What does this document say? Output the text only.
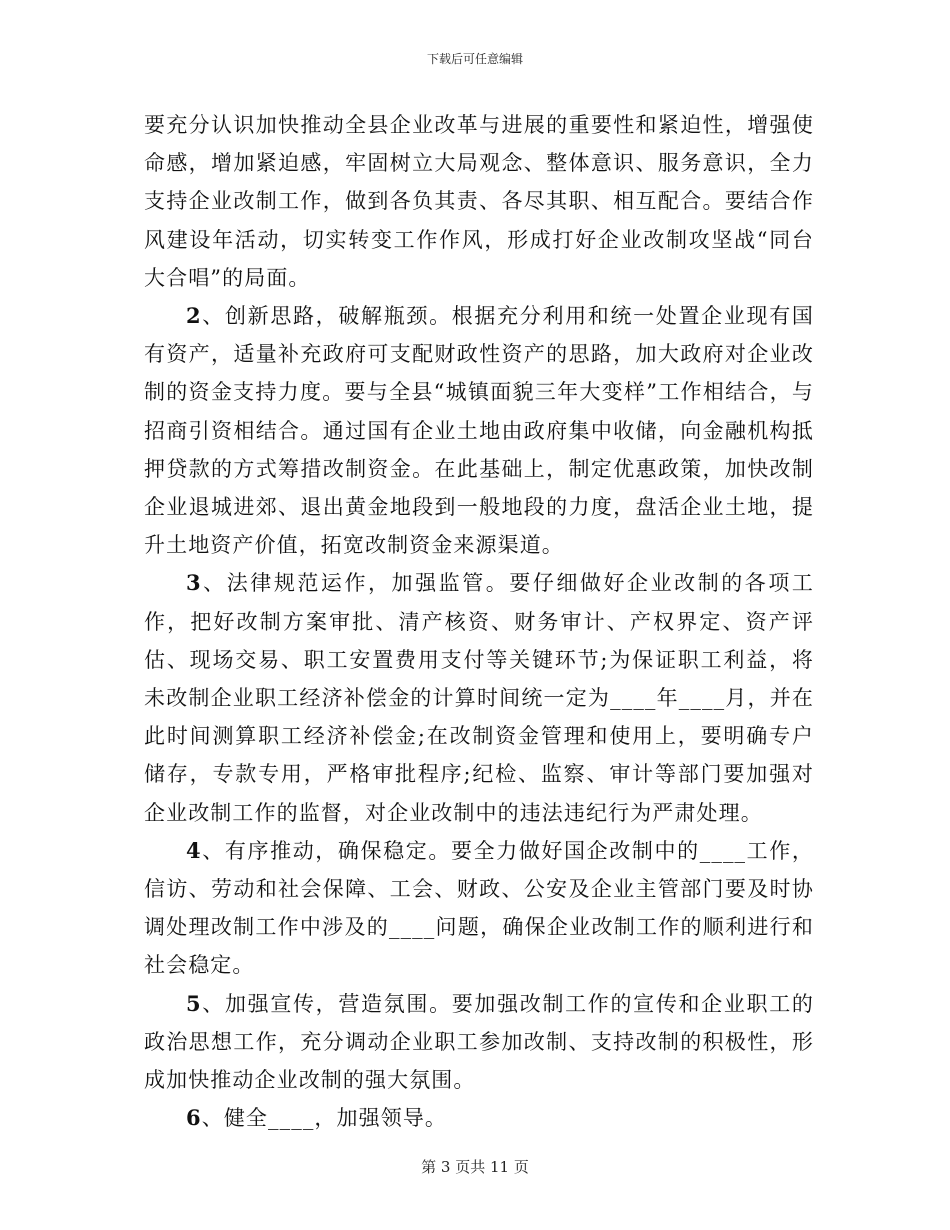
下载后可任意编辑

要充分认识加快推动全县企业改革与进展的重要性和紧迫性，增强使命感，增加紧迫感，牢固树立大局观念、整体意识、服务意识，全力支持企业改制工作，做到各负其责、各尽其职、相互配合。要结合作风建设年活动，切实转变工作作风，形成打好企业改制攻坚战“同台大合唱”的局面。

2、创新思路，破解瓶颈。根据充分利用和统一处置企业现有国有资产，适量补充政府可支配财政性资产的思路，加大政府对企业改制的资金支持力度。要与全县“城镇面貌三年大变样”工作相结合，与招商引资相结合。通过国有企业土地由政府集中收储，向金融机构抵押贷款的方式筹措改制资金。在此基础上，制定优惠政策，加快改制企业退城进郊、退出黄金地段到一般地段的力度，盘活企业土地，提升土地资产价值，拓宽改制资金来源渠道。

3、法律规范运作，加强监管。要仔细做好企业改制的各项工作，把好改制方案审批、清产核资、财务审计、产权界定、资产评估、现场交易、职工安置费用支付等关键环节;为保证职工利益，将未改制企业职工经济补偿金的计算时间统一定为____年____月，并在此时间测算职工经济补偿金;在改制资金管理和使用上，要明确专户储存，专款专用，严格审批程序;纪检、监察、审计等部门要加强对企业改制工作的监督，对企业改制中的违法违纪行为严肃处理。

4、有序推动，确保稳定。要全力做好国企改制中的____工作，信访、劳动和社会保障、工会、财政、公安及企业主管部门要及时协调处理改制工作中涉及的____问题，确保企业改制工作的顺利进行和社会稳定。

5、加强宣传，营造氛围。要加强改制工作的宣传和企业职工的政治思想工作，充分调动企业职工参加改制、支持改制的积极性，形成加快推动企业改制的强大氛围。

6、健全____，加强领导。

第 3 页共 11 页
